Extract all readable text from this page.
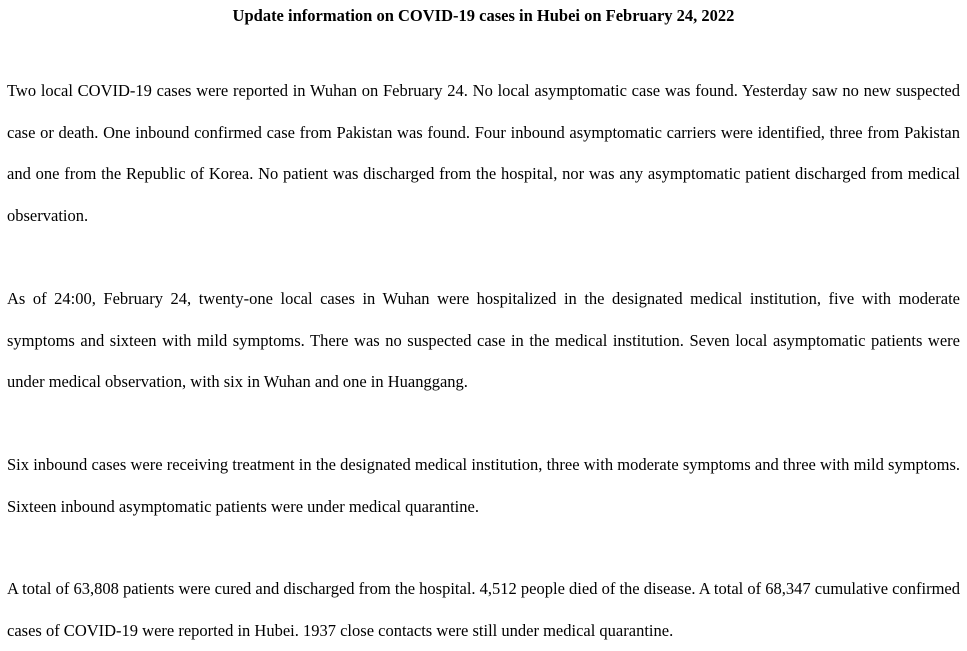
Update information on COVID-19 cases in Hubei on February 24, 2022

Two local COVID-19 cases were reported in Wuhan on February 24. No local asymptomatic case was found. Yesterday saw no new suspected case or death. One inbound confirmed case from Pakistan was found. Four inbound asymptomatic carriers were identified, three from Pakistan and one from the Republic of Korea. No patient was discharged from the hospital, nor was any asymptomatic patient discharged from medical observation.

As of 24:00, February 24, twenty-one local cases in Wuhan were hospitalized in the designated medical institution, five with moderate symptoms and sixteen with mild symptoms. There was no suspected case in the medical institution. Seven local asymptomatic patients were under medical observation, with six in Wuhan and one in Huanggang.

Six inbound cases were receiving treatment in the designated medical institution, three with moderate symptoms and three with mild symptoms. Sixteen inbound asymptomatic patients were under medical quarantine.

A total of 63,808 patients were cured and discharged from the hospital. 4,512 people died of the disease. A total of 68,347 cumulative confirmed cases of COVID-19 were reported in Hubei. 1937 close contacts were still under medical quarantine.
